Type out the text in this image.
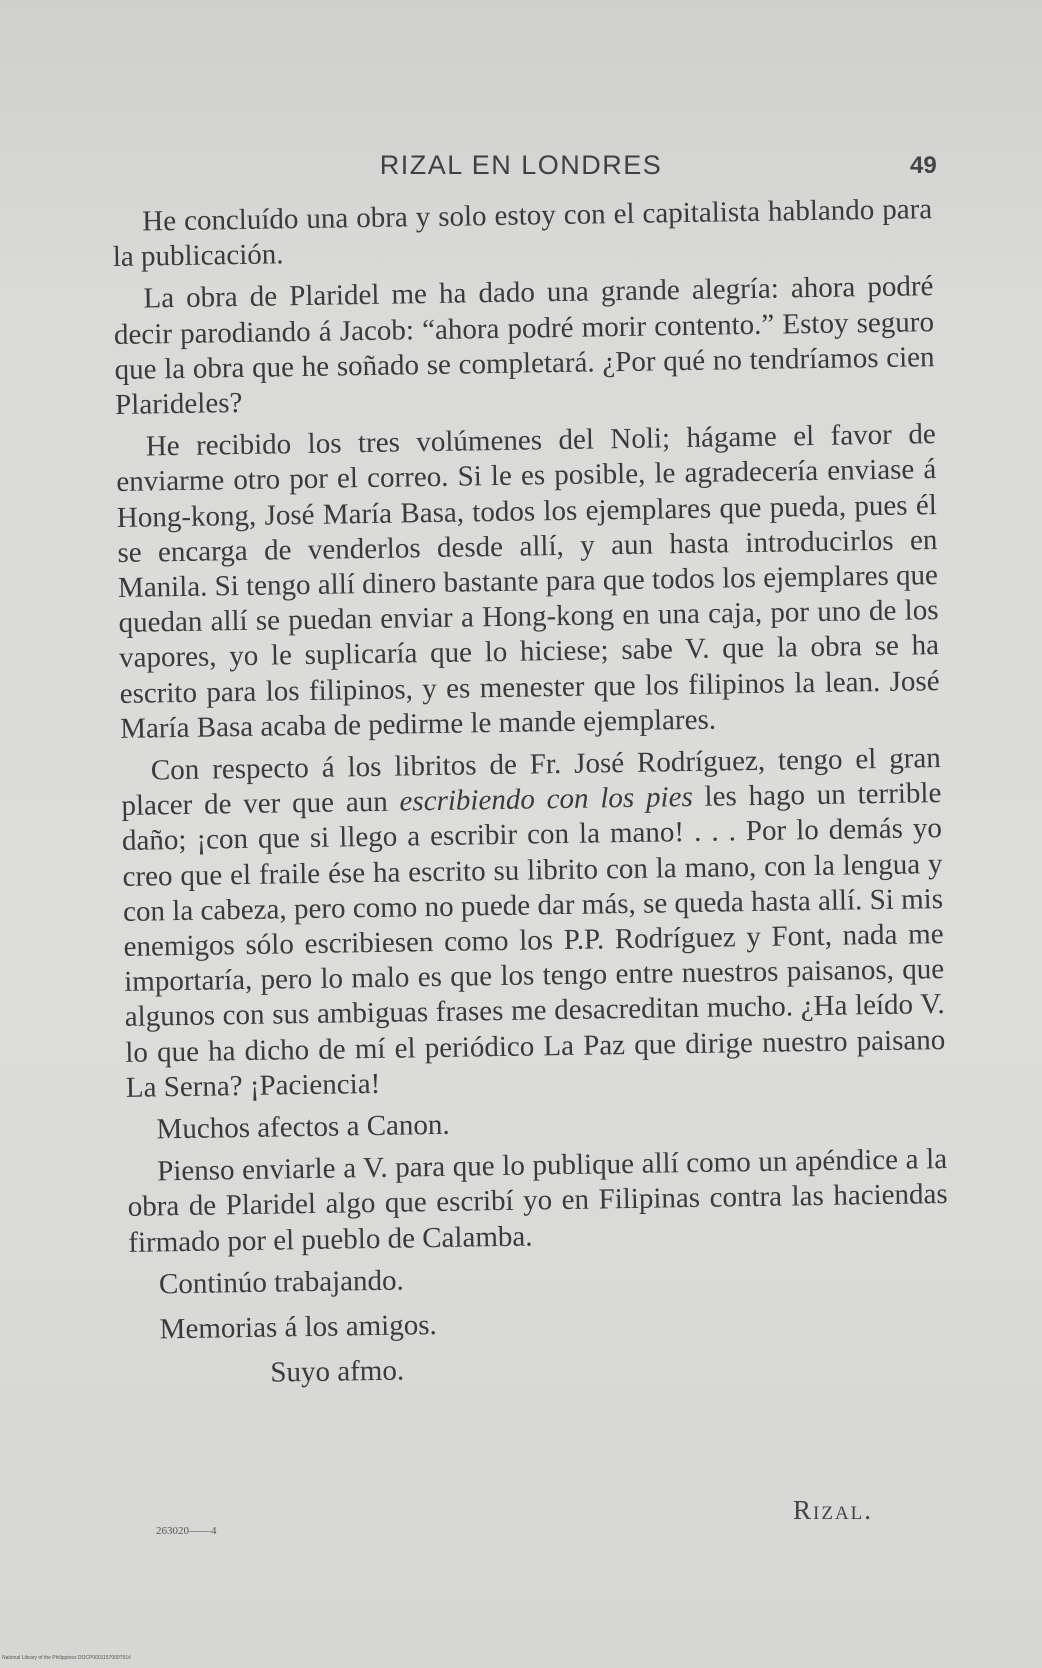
RIZAL EN LONDRES	49

He concluído una obra y solo estoy con el capitalista hablando para la publicación.

La obra de Plaridel me ha dado una grande alegría: ahora podré decir parodiando á Jacob: “ahora podré morir contento.” Estoy seguro que la obra que he soñado se completará. ¿Por qué no tendríamos cien Plarideles?

He recibido los tres volúmenes del Noli; hágame el favor de enviarme otro por el correo. Si le es posible, le agradecería enviase á Hong-kong, José María Basa, todos los ejemplares que pueda, pues él se encarga de venderlos desde allí, y aun hasta introducirlos en Manila. Si tengo allí dinero bastante para que todos los ejemplares que quedan allí se puedan enviar a Hong-kong en una caja, por uno de los vapores, yo le suplicaría que lo hiciese; sabe V. que la obra se ha escrito para los filipinos, y es menester que los filipinos la lean. José María Basa acaba de pedirme le mande ejemplares.

Con respecto á los libritos de Fr. José Rodríguez, tengo el gran placer de ver que aun escribiendo con los pies les hago un terrible daño; ¡con que si llego a escribir con la mano! . . . Por lo demás yo creo que el fraile ése ha escrito su librito con la mano, con la lengua y con la cabeza, pero como no puede dar más, se queda hasta allí. Si mis enemigos sólo escribiesen como los P.P. Rodríguez y Font, nada me importaría, pero lo malo es que los tengo entre nuestros paisanos, que algunos con sus ambiguas frases me desacreditan mucho. ¿Ha leído V. lo que ha dicho de mí el periódico La Paz que dirige nuestro paisano La Serna? ¡Paciencia!

Muchos afectos a Canon.

Pienso enviarle a V. para que lo publique allí como un apéndice a la obra de Plaridel algo que escribí yo en Filipinas contra las haciendas firmado por el pueblo de Calamba.

Continúo trabajando.

Memorias á los amigos.

Suyo afmo.

Rizal.
263020——4
National Library of the Philippines DOCP0001157000751#
